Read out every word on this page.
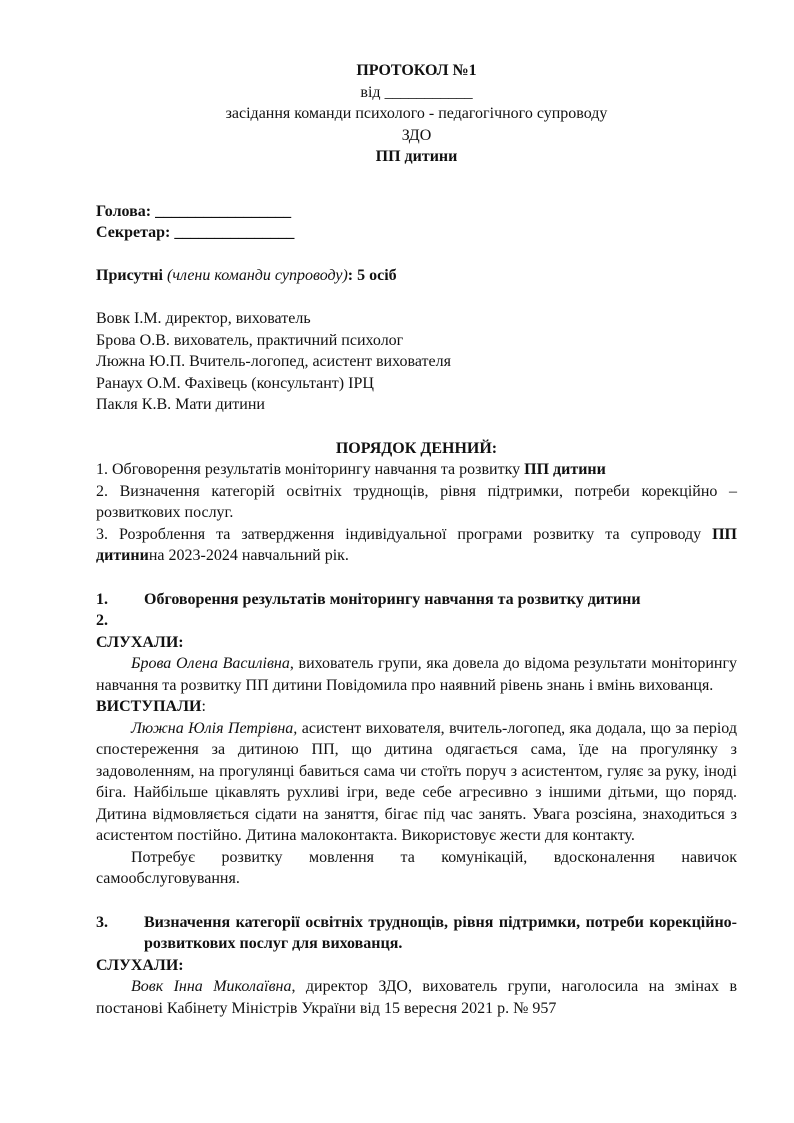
ПРОТОКОЛ №1

від ___________

засідання команди психолого - педагогічного супроводу

ЗДО

ПП дитини

Голова: _________________

Секретар: _______________

Присутні (члени команди супроводу): 5 осіб

Вовк І.М. директор, вихователь

Брова О.В. вихователь, практичний психолог

Люжна Ю.П. Вчитель-логопед, асистент вихователя

Ранаух О.М. Фахівець (консультант) ІРЦ

Пакля К.В. Мати дитини

ПОРЯДОК ДЕННИЙ:

1. Обговорення результатів моніторингу навчання та розвитку ПП дитини

2. Визначення категорій освітніх труднощів, рівня підтримки, потреби корекційно – розвиткових послуг.

3. Розроблення та затвердження індивідуальної програми розвитку та супроводу ПП дитинина 2023-2024 навчальний рік.

1.	Обговорення результатів моніторингу навчання та розвитку дитини

2.

СЛУХАЛИ:

Брова Олена Василівна, вихователь групи, яка довела до відома результати моніторингу навчання та розвитку ПП дитини Повідомила про наявний рівень знань і вмінь вихованця.

ВИСТУПАЛИ:

Люжна Юлія Петрівна, асистент вихователя, вчитель-логопед, яка додала, що за період спостереження за дитиною ПП, що дитина одягається сама, їде на прогулянку з задоволенням, на прогулянці бавиться сама чи стоїть поруч з асистентом, гуляє за руку, іноді біга. Найбільше цікавлять рухливі ігри, веде себе агресивно з іншими дітьми, що поряд. Дитина відмовляється сідати на заняття, бігає під час занять. Увага розсіяна, знаходиться з асистентом постійно. Дитина малоконтакта. Використовує жести для контакту.

Потребує розвитку мовлення та комунікацій, вдосконалення навичок самообслуговування.

3.	Визначення категорії освітніх труднощів, рівня підтримки, потреби корекційно-розвиткових послуг для вихованця.

СЛУХАЛИ:

Вовк Інна Миколаївна, директор ЗДО, вихователь групи, наголосила на змінах в постанові Кабінету Міністрів України від 15 вересня 2021 р. № 957
